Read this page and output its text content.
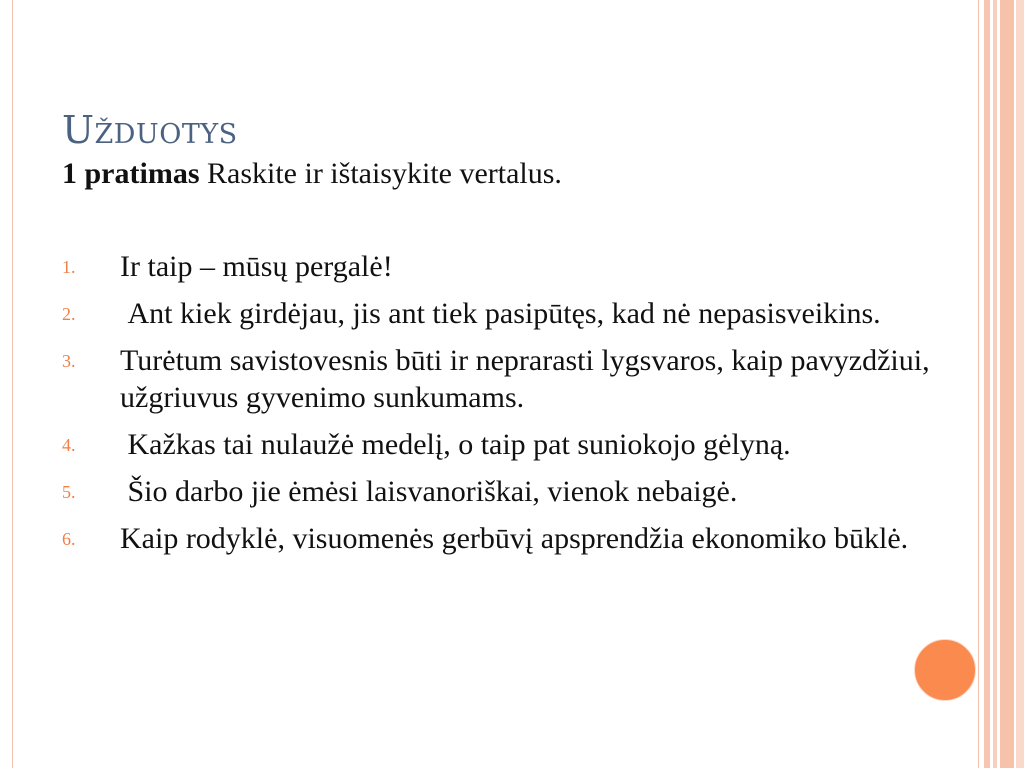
Užduotys

1 pratimas Raskite ir ištaisykite vertalus.

1. Ir taip – mūsų pergalė!
2. Ant kiek girdėjau, jis ant tiek pasipūtęs, kad nė nepasisveikins.
3. Turėtum savistovesnis būti ir neprarasti lygsvaros, kaip pavyzdžiui, užgriuvus gyvenimo sunkumams.
4. Kažkas tai nulaužė medelį, o taip pat suniokojo gėlyną.
5. Šio darbo jie ėmėsi laisvanoriškai, vienok nebaigė.
6. Kaip rodyklė, visuomenės gerbūvį apsprendžia ekonomiko būklė.
